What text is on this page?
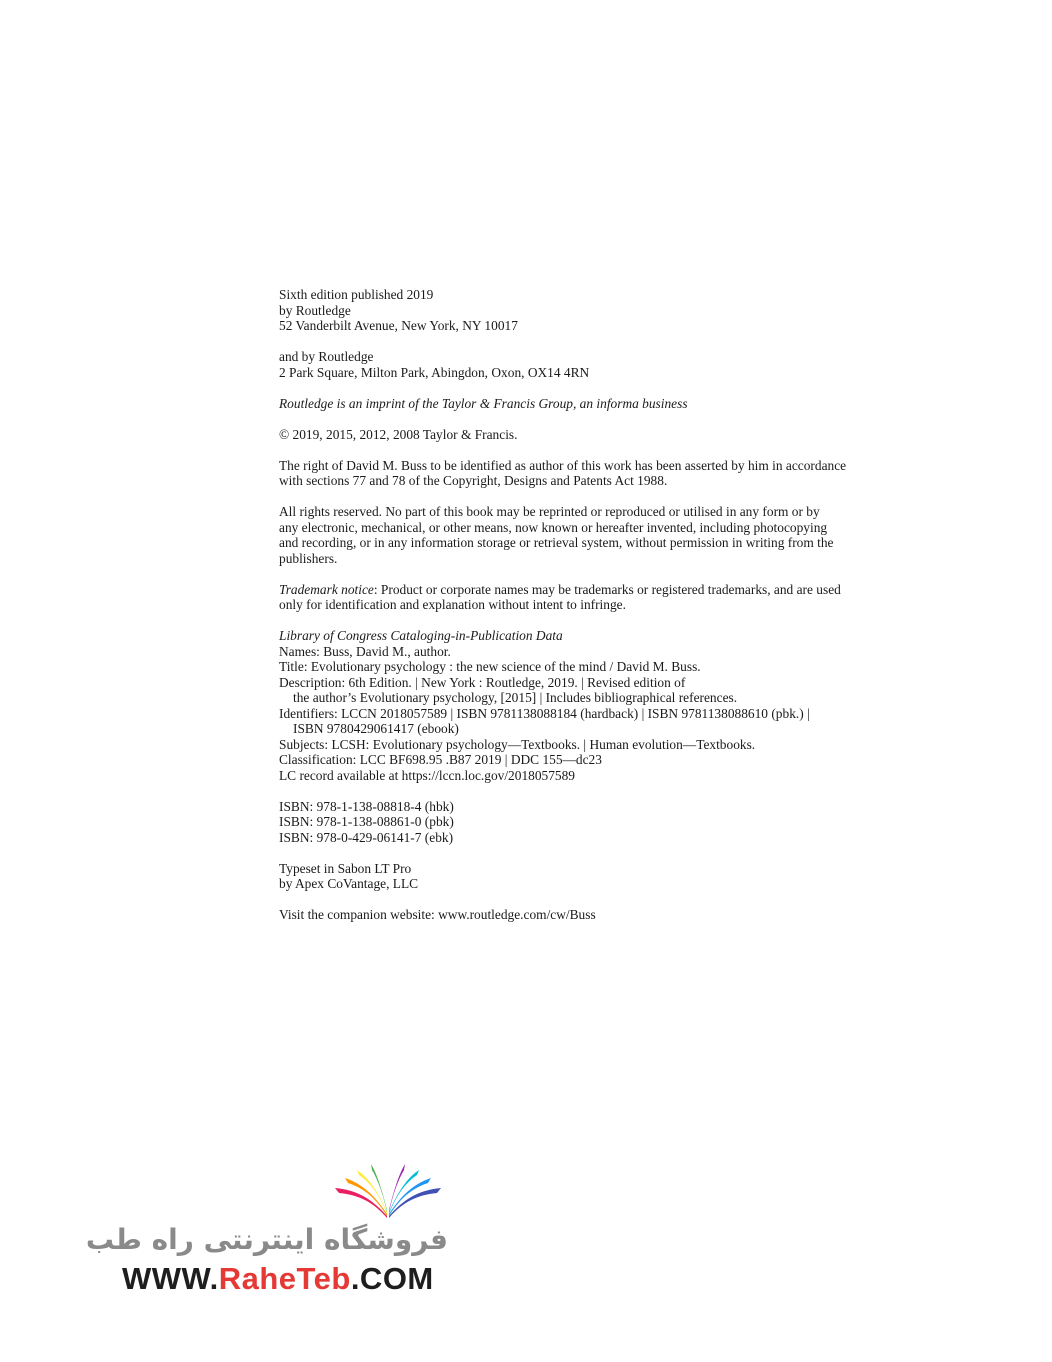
Sixth edition published 2019
by Routledge
52 Vanderbilt Avenue, New York, NY 10017
and by Routledge
2 Park Square, Milton Park, Abingdon, Oxon, OX14 4RN
Routledge is an imprint of the Taylor & Francis Group, an informa business
© 2019, 2015, 2012, 2008 Taylor & Francis.
The right of David M. Buss to be identified as author of this work has been asserted by him in accordance
with sections 77 and 78 of the Copyright, Designs and Patents Act 1988.
All rights reserved. No part of this book may be reprinted or reproduced or utilised in any form or by
any electronic, mechanical, or other means, now known or hereafter invented, including photocopying
and recording, or in any information storage or retrieval system, without permission in writing from the
publishers.
Trademark notice: Product or corporate names may be trademarks or registered trademarks, and are used
only for identification and explanation without intent to infringe.
Library of Congress Cataloging-in-Publication Data
Names: Buss, David M., author.
Title: Evolutionary psychology : the new science of the mind / David M. Buss.
Description: 6th Edition. | New York : Routledge, 2019. | Revised edition of
the author’s Evolutionary psychology, [2015] | Includes bibliographical references.
Identifiers: LCCN 2018057589 | ISBN 9781138088184 (hardback) | ISBN 9781138088610 (pbk.) |
ISBN 9780429061417 (ebook)
Subjects: LCSH: Evolutionary psychology—Textbooks. | Human evolution—Textbooks.
Classification: LCC BF698.95 .B87 2019 | DDC 155—dc23
LC record available at https://lccn.loc.gov/2018057589
ISBN: 978-1-138-08818-4 (hbk)
ISBN: 978-1-138-08861-0 (pbk)
ISBN: 978-0-429-06141-7 (ebk)
Typeset in Sabon LT Pro
by Apex CoVantage, LLC
Visit the companion website: www.routledge.com/cw/Buss
فروشگاه اینترنتی راه طب
WWW.RaheTeb.COM
